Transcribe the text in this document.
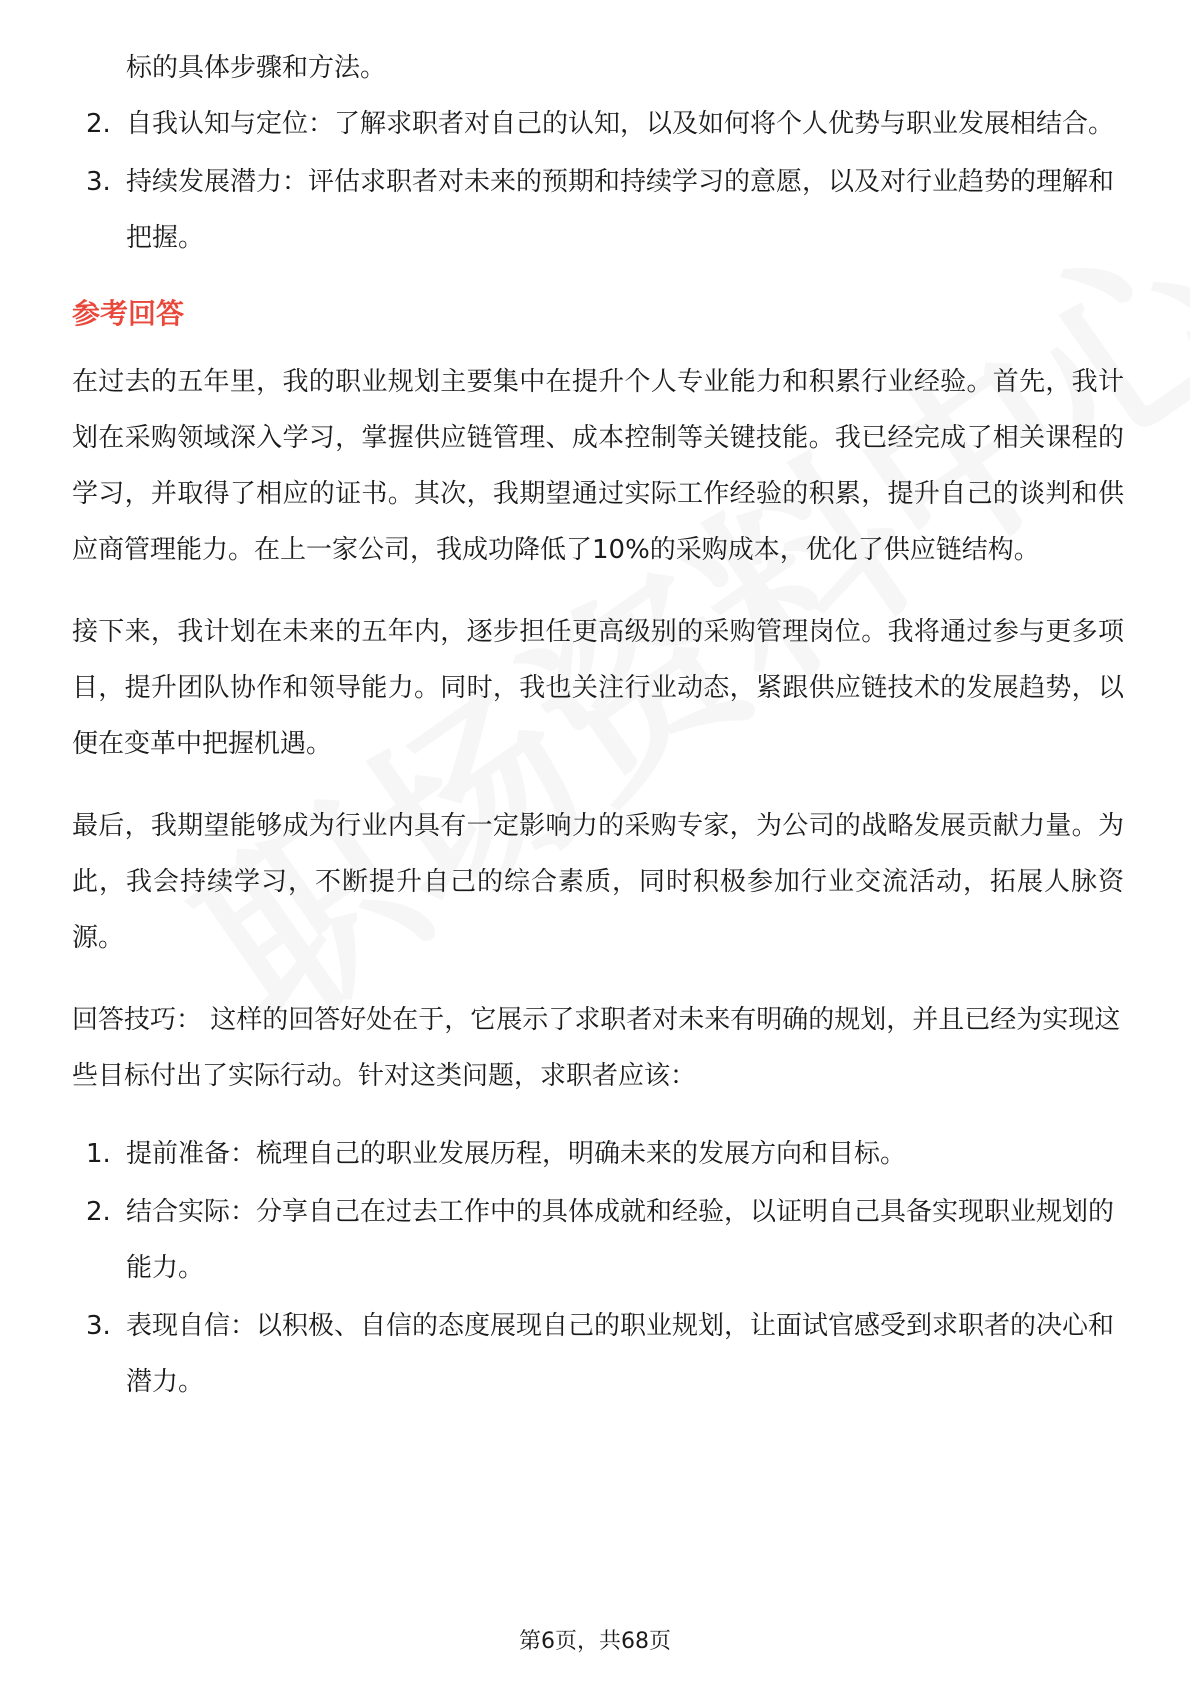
标的具体步骤和方法。
2. 自我认知与定位：了解求职者对自己的认知，以及如何将个人优势与职业发展相结合。
3. 持续发展潜力：评估求职者对未来的预期和持续学习的意愿，以及对行业趋势的理解和把握。
参考回答

在过去的五年里，我的职业规划主要集中在提升个人专业能力和积累行业经验。首先，我计划在采购领域深入学习，掌握供应链管理、成本控制等关键技能。我已经完成了相关课程的学习，并取得了相应的证书。其次，我期望通过实际工作经验的积累，提升自己的谈判和供应商管理能力。在上一家公司，我成功降低了10%的采购成本，优化了供应链结构。

接下来，我计划在未来的五年内，逐步担任更高级别的采购管理岗位。我将通过参与更多项目，提升团队协作和领导能力。同时，我也关注行业动态，紧跟供应链技术的发展趋势，以便在变革中把握机遇。

最后，我期望能够成为行业内具有一定影响力的采购专家，为公司的战略发展贡献力量。为此，我会持续学习，不断提升自己的综合素质，同时积极参加行业交流活动，拓展人脉资源。

回答技巧： 这样的回答好处在于，它展示了求职者对未来有明确的规划，并且已经为实现这些目标付出了实际行动。针对这类问题，求职者应该：

1. 提前准备：梳理自己的职业发展历程，明确未来的发展方向和目标。
2. 结合实际：分享自己在过去工作中的具体成就和经验，以证明自己具备实现职业规划的能力。
3. 表现自信：以积极、自信的态度展现自己的职业规划，让面试官感受到求职者的决心和潜力。
第6页，共68页
